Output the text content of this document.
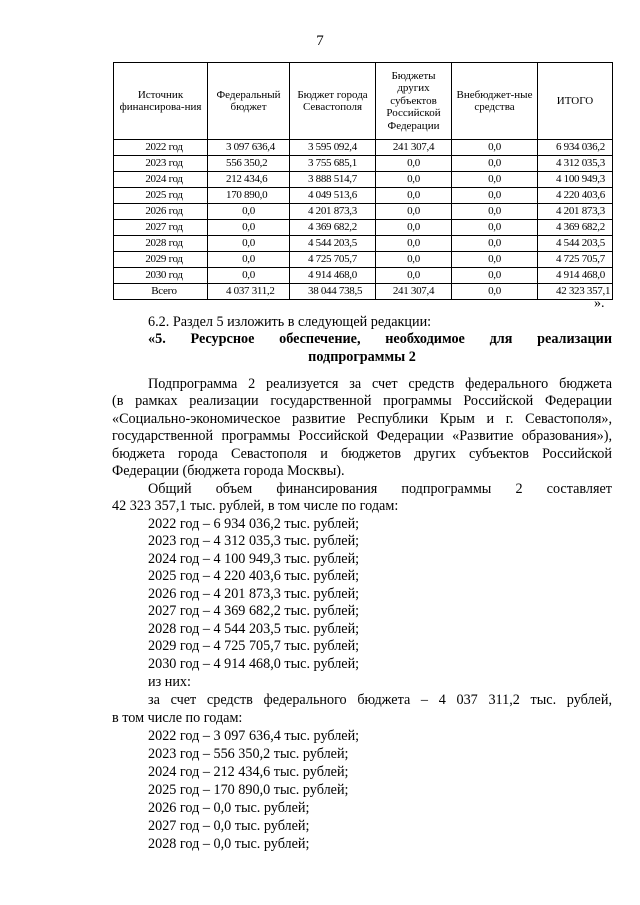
7
Источник финансирова-ния	Федеральный бюджет	Бюджет города Севастополя	Бюджеты других субъектов Российской Федерации	Внебюджет-ные средства	ИТОГО
2022 год	3 097 636,4	3 595 092,4	241 307,4	0,0	6 934 036,2
2023 год	556 350,2	3 755 685,1	0,0	0,0	4 312 035,3
2024 год	212 434,6	3 888 514,7	0,0	0,0	4 100 949,3
2025 год	170 890,0	4 049 513,6	0,0	0,0	4 220 403,6
2026 год	0,0	4 201 873,3	0,0	0,0	4 201 873,3
2027 год	0,0	4 369 682,2	0,0	0,0	4 369 682,2
2028 год	0,0	4 544 203,5	0,0	0,0	4 544 203,5
2029 год	0,0	4 725 705,7	0,0	0,0	4 725 705,7
2030 год	0,0	4 914 468,0	0,0	0,0	4 914 468,0
Всего	4 037 311,2	38 044 738,5	241 307,4	0,0	42 323 357,1
».
6.2. Раздел 5 изложить в следующей редакции:
«5. Ресурсное обеспечение, необходимое для реализации
подпрограммы 2
Подпрограмма 2 реализуется за счет средств федерального бюджета
(в рамках реализации государственной программы Российской Федерации
«Социально-экономическое развитие Республики Крым и г. Севастополя»,
государственной программы Российской Федерации «Развитие образования»),
бюджета города Севастополя и бюджетов других субъектов Российской
Федерации (бюджета города Москвы).
Общий объем финансирования подпрограммы 2 составляет
42 323 357,1 тыс. рублей, в том числе по годам:
2022 год – 6 934 036,2 тыс. рублей;
2023 год – 4 312 035,3 тыс. рублей;
2024 год – 4 100 949,3 тыс. рублей;
2025 год – 4 220 403,6 тыс. рублей;
2026 год – 4 201 873,3 тыс. рублей;
2027 год – 4 369 682,2 тыс. рублей;
2028 год – 4 544 203,5 тыс. рублей;
2029 год – 4 725 705,7 тыс. рублей;
2030 год – 4 914 468,0 тыс. рублей;
из них:
за счет средств федерального бюджета – 4 037 311,2 тыс. рублей,
в том числе по годам:
2022 год – 3 097 636,4 тыс. рублей;
2023 год – 556 350,2 тыс. рублей;
2024 год – 212 434,6 тыс. рублей;
2025 год – 170 890,0 тыс. рублей;
2026 год – 0,0 тыс. рублей;
2027 год – 0,0 тыс. рублей;
2028 год – 0,0 тыс. рублей;
